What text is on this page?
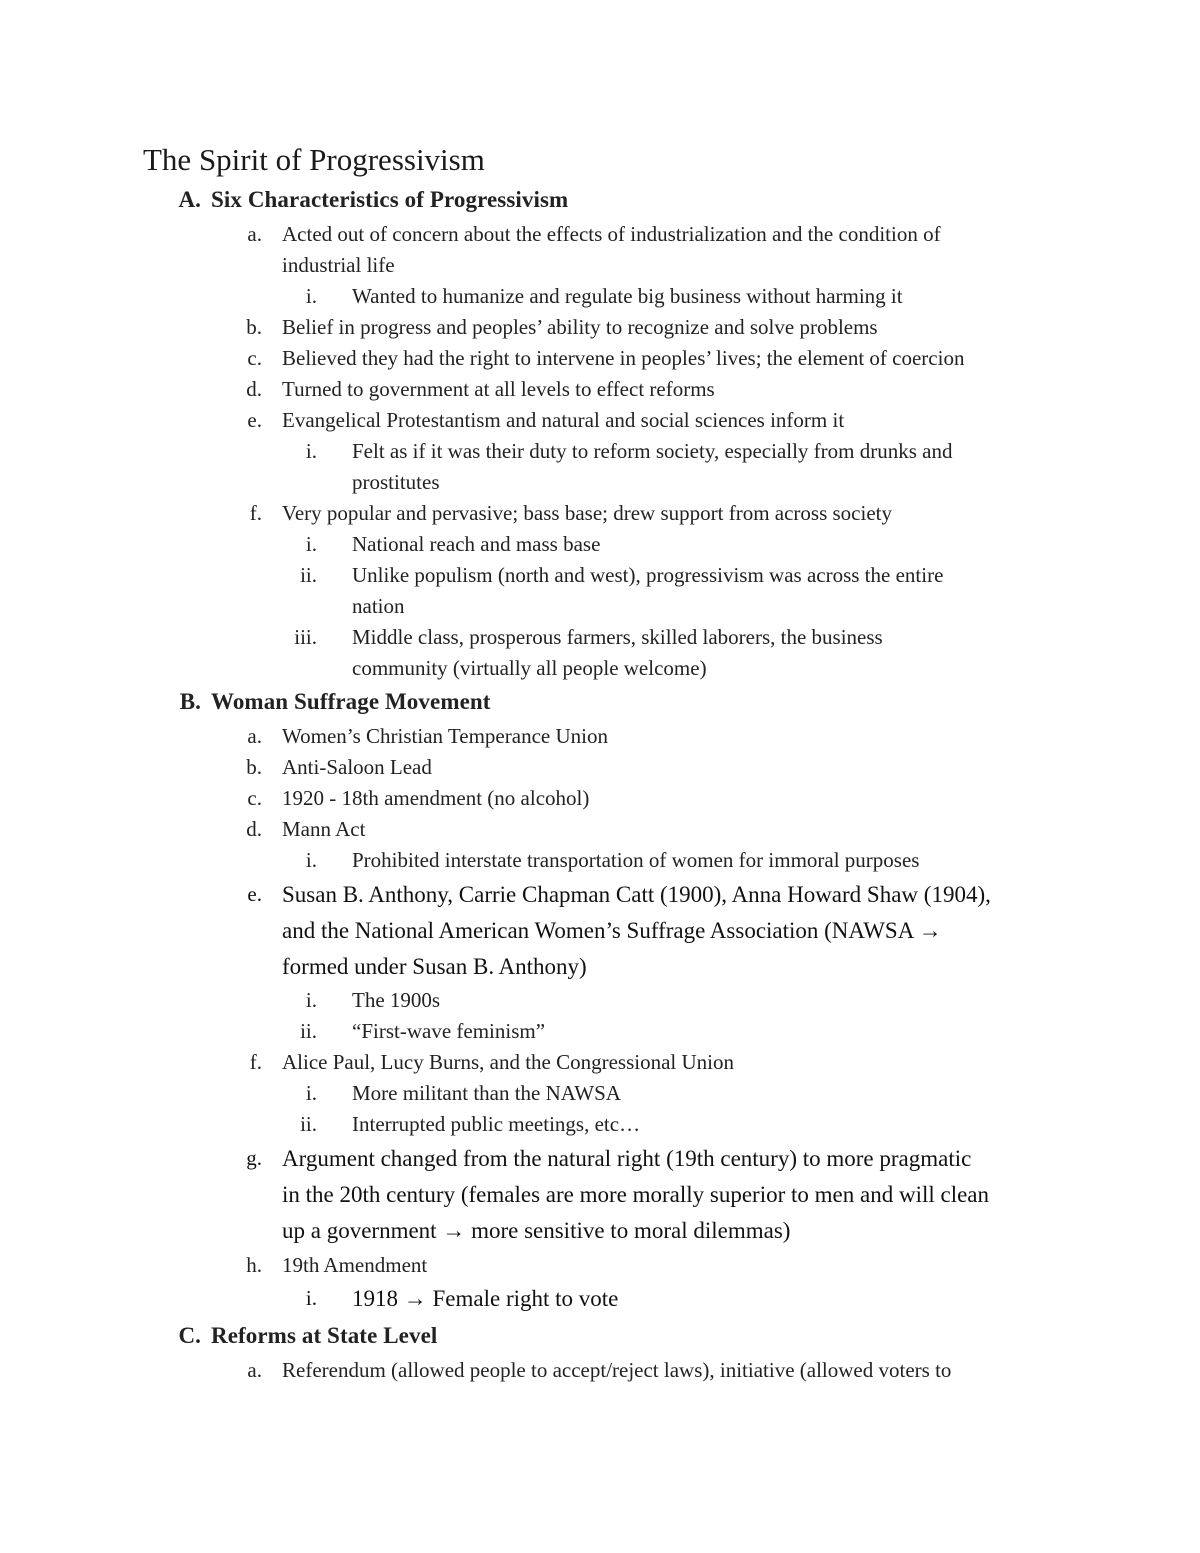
The Spirit of Progressivism
A. Six Characteristics of Progressivism
a. Acted out of concern about the effects of industrialization and the condition of
industrial life
i. Wanted to humanize and regulate big business without harming it
b. Belief in progress and peoples’ ability to recognize and solve problems
c. Believed they had the right to intervene in peoples’ lives; the element of coercion
d. Turned to government at all levels to effect reforms
e. Evangelical Protestantism and natural and social sciences inform it
i. Felt as if it was their duty to reform society, especially from drunks and
prostitutes
f. Very popular and pervasive; bass base; drew support from across society
i. National reach and mass base
ii. Unlike populism (north and west), progressivism was across the entire
nation
iii. Middle class, prosperous farmers, skilled laborers, the business
community (virtually all people welcome)
B. Woman Suffrage Movement
a. Women’s Christian Temperance Union
b. Anti-Saloon Lead
c. 1920 - 18th amendment (no alcohol)
d. Mann Act
i. Prohibited interstate transportation of women for immoral purposes
e. Susan B. Anthony, Carrie Chapman Catt (1900), Anna Howard Shaw (1904),
and the National American Women’s Suffrage Association (NAWSA →
formed under Susan B. Anthony)
i. The 1900s
ii. “First-wave feminism”
f. Alice Paul, Lucy Burns, and the Congressional Union
i. More militant than the NAWSA
ii. Interrupted public meetings, etc…
g. Argument changed from the natural right (19th century) to more pragmatic
in the 20th century (females are more morally superior to men and will clean
up a government → more sensitive to moral dilemmas)
h. 19th Amendment
i. 1918 → Female right to vote
C. Reforms at State Level
a. Referendum (allowed people to accept/reject laws), initiative (allowed voters to
